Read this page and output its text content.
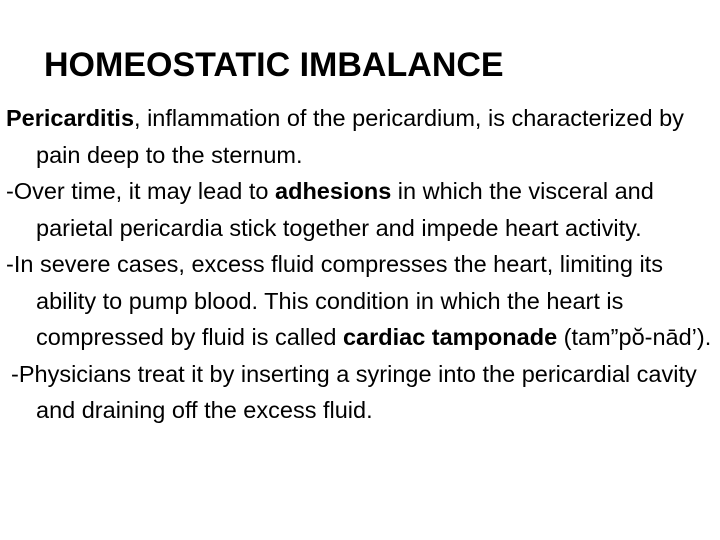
HOMEOSTATIC IMBALANCE

Pericarditis, inflammation of the pericardium, is characterized by pain deep to the sternum.

-Over time, it may lead to adhesions in which the visceral and parietal pericardia stick together and impede heart activity.

-In severe cases, excess fluid compresses the heart, limiting its ability to pump blood. This condition in which the heart is compressed by fluid is called cardiac tamponade (tam”pŏ-nād’).

-Physicians treat it by inserting a syringe into the pericardial cavity and draining off the excess fluid.
